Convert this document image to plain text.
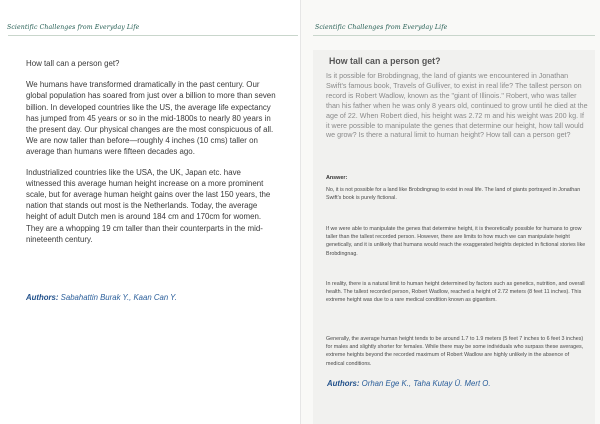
Scientific Challenges from Everyday Life

How tall can a person get?

We humans have transformed dramatically in the past century. Our global population has soared from just over a billion to more than seven billion. In developed countries like the US, the average life expectancy has jumped from 45 years or so in the mid-1800s to nearly 80 years in the present day. Our physical changes are the most conspicuous of all. We are now taller than before—roughly 4 inches (10 cms) taller on average than humans were fifteen decades ago.

Industrialized countries like the USA, the UK, Japan etc. have witnessed this average human height increase on a more prominent scale, but for average human height gains over the last 150 years, the nation that stands out most is the Netherlands. Today, the average height of adult Dutch men is around 184 cm and 170cm for women. They are a whopping 19 cm taller than their counterparts in the mid-nineteenth century.

Authors: Sabahattin Burak Y., Kaan Can Y.
Scientific Challenges from Everyday Life
How tall can a person get?
Is it possible for Brobdingnag, the land of giants we encountered in Jonathan Swift's famous book, Travels of Gulliver, to exist in real life? The tallest person on record is Robert Wadlow, known as the "giant of Illinois." Robert, who was taller than his father when he was only 8 years old, continued to grow until he died at the age of 22. When Robert died, his height was 2.72 m and his weight was 200 kg. If it were possible to manipulate the genes that determine our height, how tall would we grow? Is there a natural limit to human height? How tall can a person get?
Answer:
No, it is not possible for a land like Brobdingnag to exist in real life. The land of giants portrayed in Jonathan Swift's book is purely fictional.
If we were able to manipulate the genes that determine height, it is theoretically possible for humans to grow taller than the tallest recorded person. However, there are limits to how much we can manipulate height genetically, and it is unlikely that humans would reach the exaggerated heights depicted in fictional stories like Brobdingnag.
In reality, there is a natural limit to human height determined by factors such as genetics, nutrition, and overall health. The tallest recorded person, Robert Wadlow, reached a height of 2.72 meters (8 feet 11 inches). This extreme height was due to a rare medical condition known as gigantism.
Generally, the average human height tends to be around 1.7 to 1.9 meters (5 feet 7 inches to 6 feet 3 inches) for males and slightly shorter for females. While there may be some individuals who surpass these averages, extreme heights beyond the recorded maximum of Robert Wadlow are highly unlikely in the absence of medical conditions.
Authors: Orhan Ege K., Taha Kutay Ü. Mert O.
